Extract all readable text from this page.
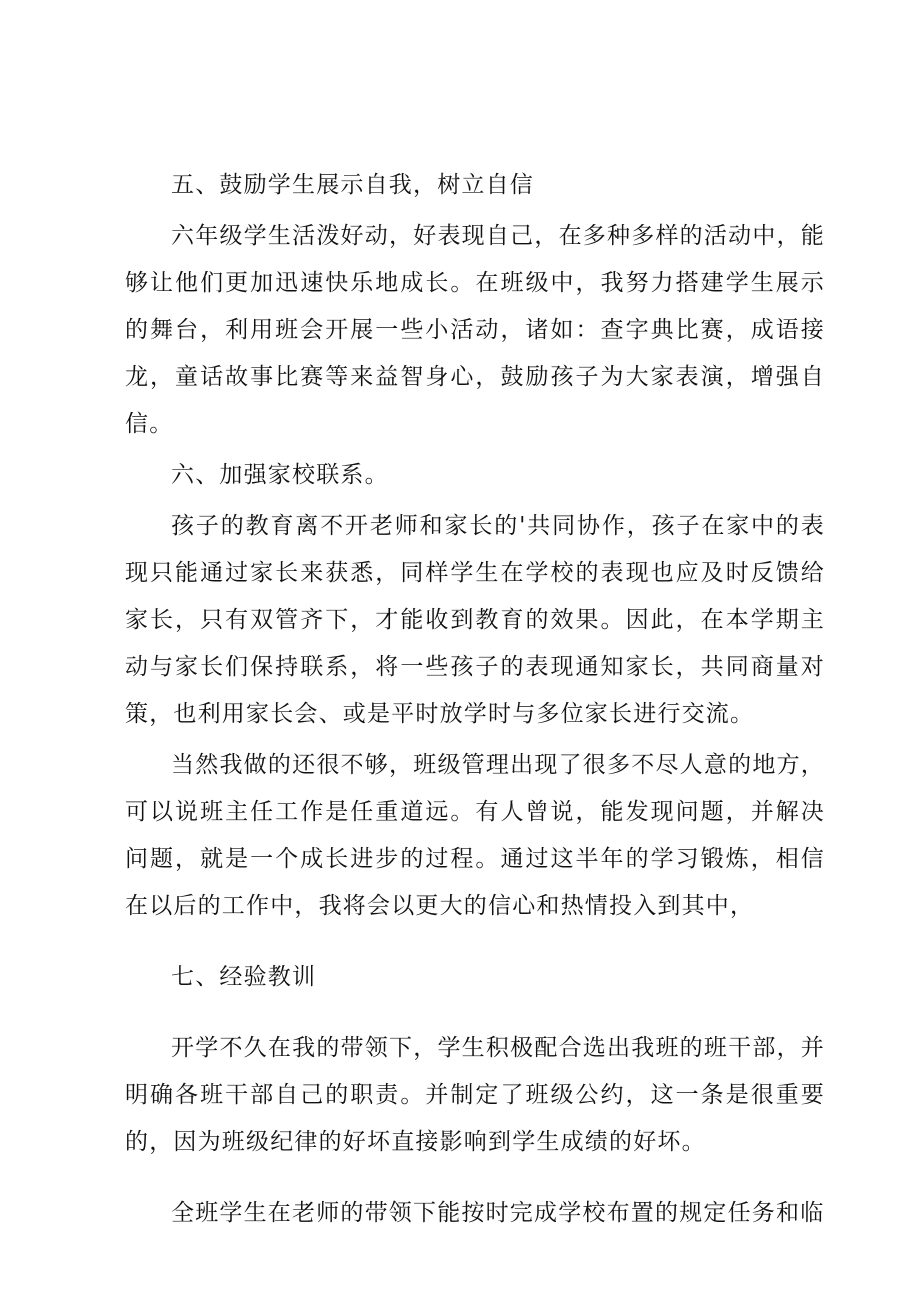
五、鼓励学生展示自我，树立自信

六年级学生活泼好动，好表现自己，在多种多样的活动中，能够让他们更加迅速快乐地成长。在班级中，我努力搭建学生展示的舞台，利用班会开展一些小活动，诸如：查字典比赛，成语接龙，童话故事比赛等来益智身心，鼓励孩子为大家表演，增强自信。

六、加强家校联系。

孩子的教育离不开老师和家长的'共同协作，孩子在家中的表现只能通过家长来获悉，同样学生在学校的表现也应及时反馈给家长，只有双管齐下，才能收到教育的效果。因此，在本学期主动与家长们保持联系，将一些孩子的表现通知家长，共同商量对策，也利用家长会、或是平时放学时与多位家长进行交流。

当然我做的还很不够，班级管理出现了很多不尽人意的地方，可以说班主任工作是任重道远。有人曾说，能发现问题，并解决问题，就是一个成长进步的过程。通过这半年的学习锻炼，相信在以后的工作中，我将会以更大的信心和热情投入到其中，

七、经验教训

开学不久在我的带领下，学生积极配合选出我班的班干部，并明确各班干部自己的职责。并制定了班级公约，这一条是很重要的，因为班级纪律的好坏直接影响到学生成绩的好坏。

全班学生在老师的带领下能按时完成学校布置的规定任务和临
